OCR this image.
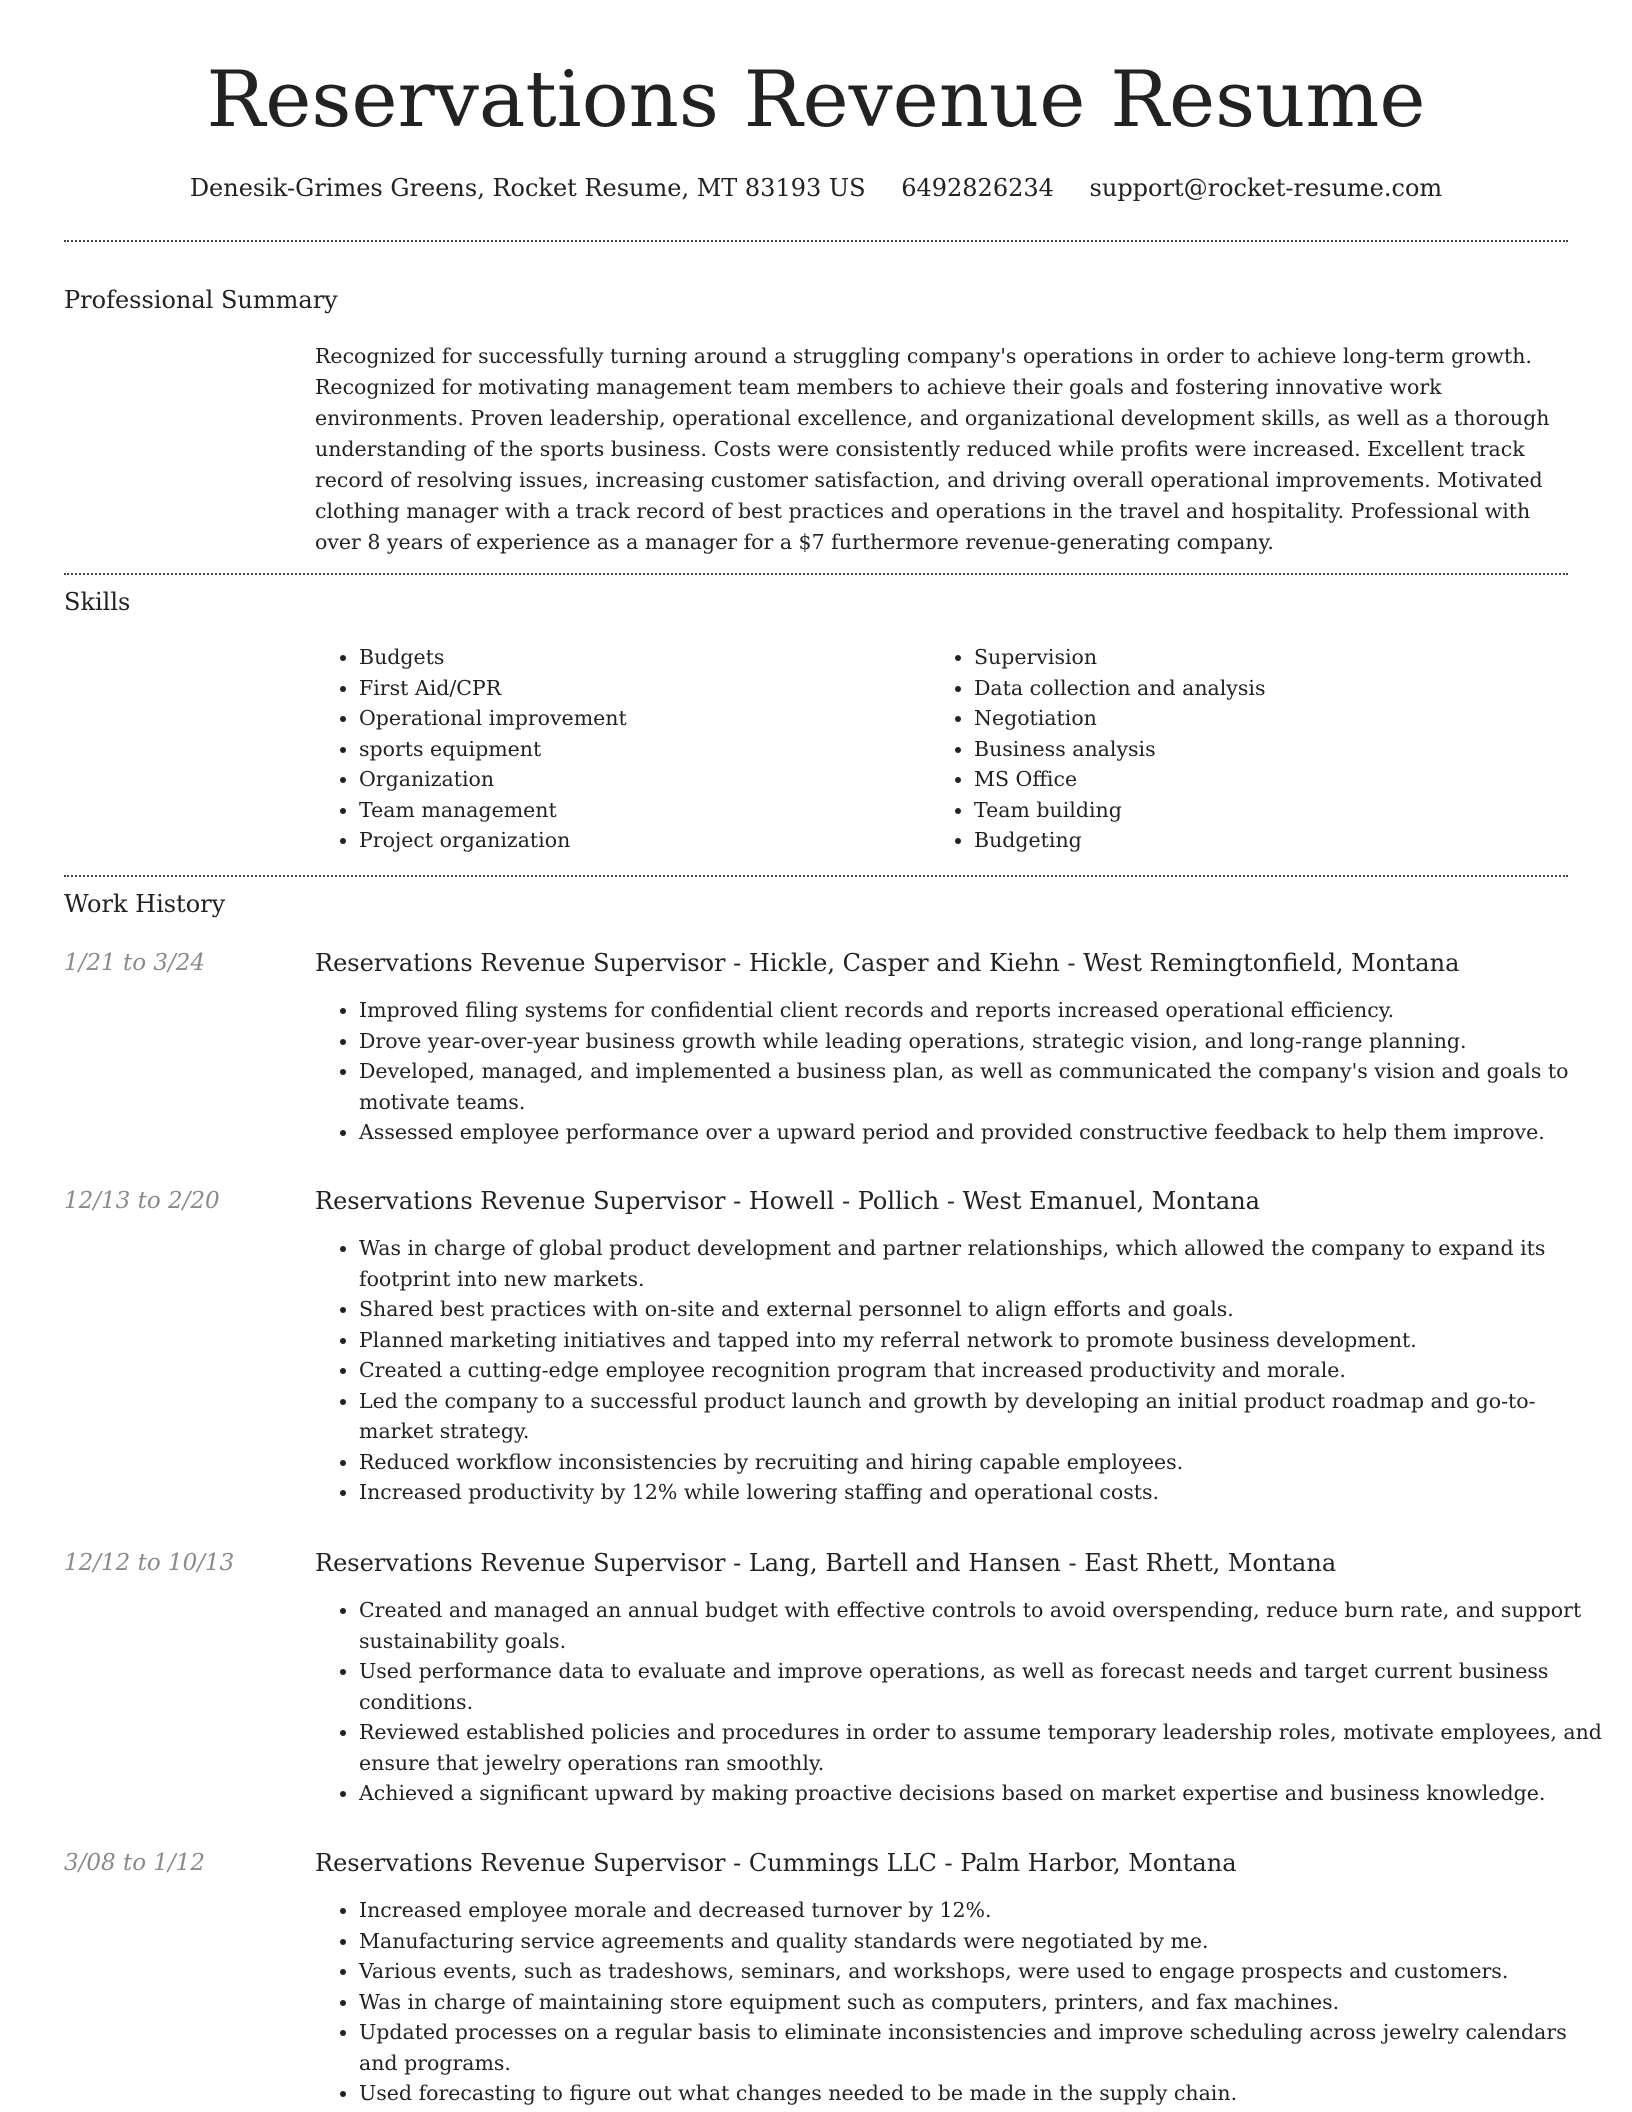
Reservations Revenue Resume
Denesik-Grimes Greens, Rocket Resume, MT 83193 US 6492826234 support@rocket-resume.com
Professional Summary

Recognized for successfully turning around a struggling company's operations in order to achieve long-term growth. Recognized for motivating management team members to achieve their goals and fostering innovative work environments. Proven leadership, operational excellence, and organizational development skills, as well as a thorough understanding of the sports business. Costs were consistently reduced while profits were increased. Excellent track record of resolving issues, increasing customer satisfaction, and driving overall operational improvements. Motivated clothing manager with a track record of best practices and operations in the travel and hospitality. Professional with over 8 years of experience as a manager for a $7 furthermore revenue-generating company.

Skills
• Budgets
• First Aid/CPR
• Operational improvement
• sports equipment
• Organization
• Team management
• Project organization
• Supervision
• Data collection and analysis
• Negotiation
• Business analysis
• MS Office
• Team building
• Budgeting
Work History
1/21 to 3/24	Reservations Revenue Supervisor - Hickle, Casper and Kiehn - West Remingtonfield, Montana
• Improved filing systems for confidential client records and reports increased operational efficiency.
• Drove year-over-year business growth while leading operations, strategic vision, and long-range planning.
• Developed, managed, and implemented a business plan, as well as communicated the company's vision and goals to motivate teams.
• Assessed employee performance over a upward period and provided constructive feedback to help them improve.
12/13 to 2/20	Reservations Revenue Supervisor - Howell - Pollich - West Emanuel, Montana
• Was in charge of global product development and partner relationships, which allowed the company to expand its footprint into new markets.
• Shared best practices with on-site and external personnel to align efforts and goals.
• Planned marketing initiatives and tapped into my referral network to promote business development.
• Created a cutting-edge employee recognition program that increased productivity and morale.
• Led the company to a successful product launch and growth by developing an initial product roadmap and go-to-market strategy.
• Reduced workflow inconsistencies by recruiting and hiring capable employees.
• Increased productivity by 12% while lowering staffing and operational costs.
12/12 to 10/13	Reservations Revenue Supervisor - Lang, Bartell and Hansen - East Rhett, Montana
• Created and managed an annual budget with effective controls to avoid overspending, reduce burn rate, and support sustainability goals.
• Used performance data to evaluate and improve operations, as well as forecast needs and target current business conditions.
• Reviewed established policies and procedures in order to assume temporary leadership roles, motivate employees, and ensure that jewelry operations ran smoothly.
• Achieved a significant upward by making proactive decisions based on market expertise and business knowledge.
3/08 to 1/12	Reservations Revenue Supervisor - Cummings LLC - Palm Harbor, Montana
• Increased employee morale and decreased turnover by 12%.
• Manufacturing service agreements and quality standards were negotiated by me.
• Various events, such as tradeshows, seminars, and workshops, were used to engage prospects and customers.
• Was in charge of maintaining store equipment such as computers, printers, and fax machines.
• Updated processes on a regular basis to eliminate inconsistencies and improve scheduling across jewelry calendars and programs.
• Used forecasting to figure out what changes needed to be made in the supply chain.
